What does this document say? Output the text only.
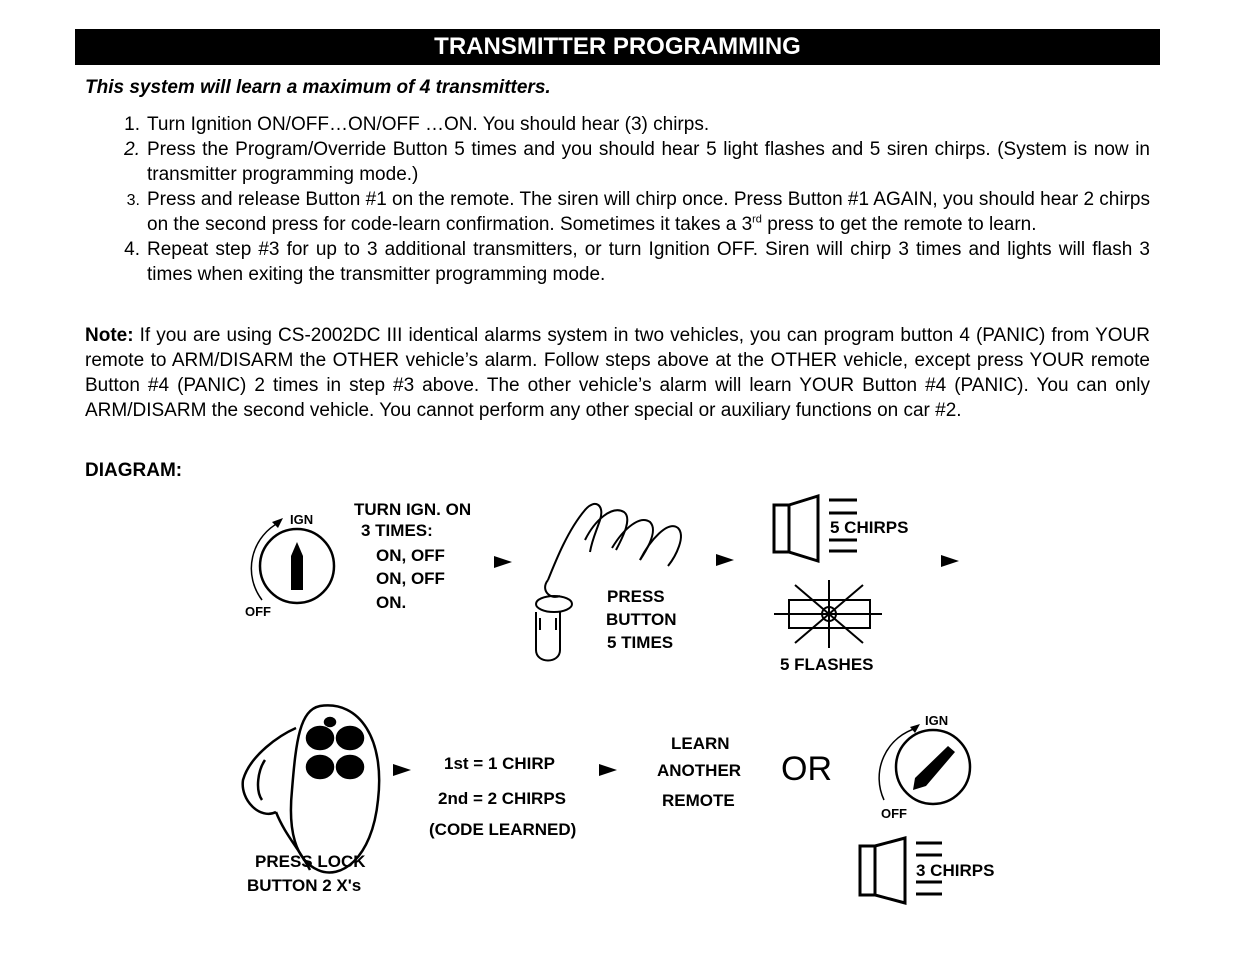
TRANSMITTER PROGRAMMING
This system will learn a maximum of 4 transmitters.
1. Turn Ignition ON/OFF…ON/OFF …ON. You should hear (3) chirps.
2. Press the Program/Override Button 5 times and you should hear 5 light flashes and 5 siren chirps. (System is now in transmitter programming mode.)
3. Press and release Button #1 on the remote. The siren will chirp once. Press Button #1 AGAIN, you should hear 2 chirps on the second press for code-learn confirmation. Sometimes it takes a 3rd press to get the remote to learn.
4. Repeat step #3 for up to 3 additional transmitters, or turn Ignition OFF. Siren will chirp 3 times and lights will flash 3 times when exiting the transmitter programming mode.
Note: If you are using CS-2002DC III identical alarms system in two vehicles, you can program button 4 (PANIC) from YOUR remote to ARM/DISARM the OTHER vehicle’s alarm. Follow steps above at the OTHER vehicle, except press YOUR remote Button #4 (PANIC) 2 times in step #3 above. The other vehicle’s alarm will learn YOUR Button #4 (PANIC). You can only ARM/DISARM the second vehicle. You cannot perform any other special or auxiliary functions on car #2.
DIAGRAM:
IGN
OFF
TURN IGN. ON
3 TIMES:
ON, OFF
ON, OFF
ON.	PRESS
BUTTON
5 TIMES
5 CHIRPS
5 FLASHES
PRESS LOCK
BUTTON 2 X's
1st = 1 CHIRP
2nd = 2 CHIRPS
(CODE LEARNED)
LEARN
ANOTHER
REMOTE
OR
IGN
OFF
3 CHIRPS
